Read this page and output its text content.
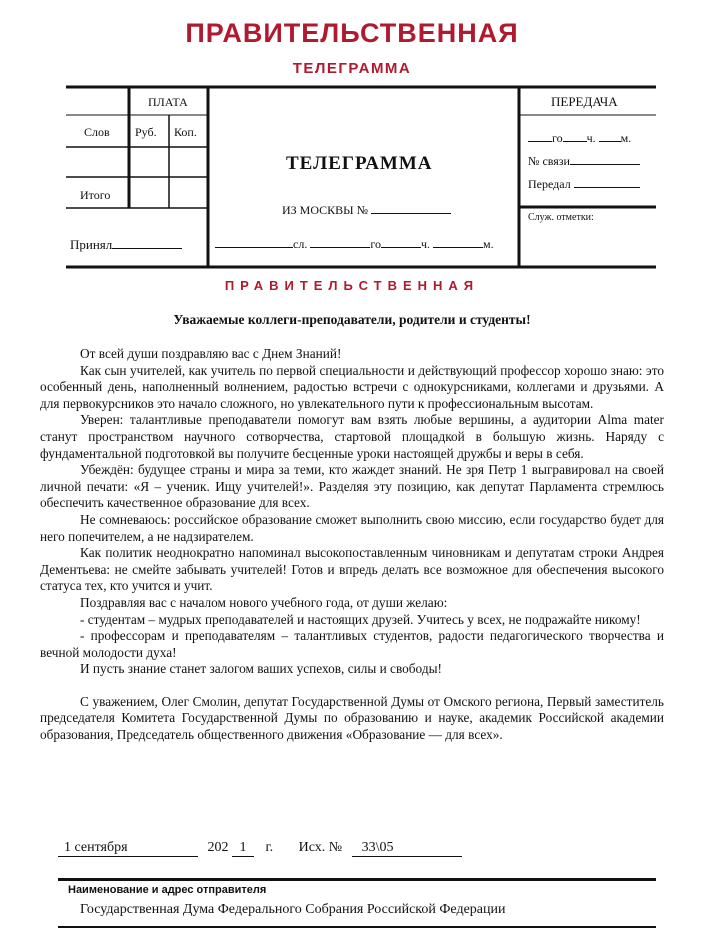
ПРАВИТЕЛЬСТВЕННАЯ
ТЕЛЕГРАММА
ПЛАТА
Слов Руб. Коп.
Итого
Принял
ТЕЛЕГРАММА
ИЗ МОСКВЫ №
сл.	го	ч.	м.
ПЕРЕДАЧА
го ч. м.
№ связи
Передал
Служ. отметки:
ПРАВИТЕЛЬСТВЕННАЯ
Уважаемые коллеги-преподаватели, родители и студенты!

От всей души поздравляю вас с Днем Знаний!

Как сын учителей, как учитель по первой специальности и действующий профессор хорошо знаю: это особенный день, наполненный волнением, радостью встречи с однокурсниками, коллегами и друзьями. А для первокурсников это начало сложного, но увлекательного пути к профессиональным высотам.

Уверен: талантливые преподаватели помогут вам взять любые вершины, а аудитории Alma mater станут пространством научного сотворчества, стартовой площадкой в большую жизнь. Наряду с фундаментальной подготовкой вы получите бесценные уроки настоящей дружбы и веры в себя.

Убеждён: будущее страны и мира за теми, кто жаждет знаний. Не зря Петр 1 выгравировал на своей личной печати: «Я – ученик. Ищу учителей!». Разделяя эту позицию, как депутат Парламента стремлюсь обеспечить качественное образование для всех.

Не сомневаюсь: российское образование сможет выполнить свою миссию, если государство будет для него попечителем, а не надзирателем.

Как политик неоднократно напоминал высокопоставленным чиновникам и депутатам строки Андрея Дементьева: не смейте забывать учителей! Готов и впредь делать все возможное для обеспечения высокого статуса тех, кто учится и учит.

Поздравляя вас с началом нового учебного года, от души желаю:

- студентам – мудрых преподавателей и настоящих друзей. Учитесь у всех, не подражайте никому!

- профессорам и преподавателям – талантливых студентов, радости педагогического творчества и вечной молодости духа!

И пусть знание станет залогом ваших успехов, силы и свободы!

С уважением, Олег Смолин, депутат Государственной Думы от Омского региона, Первый заместитель председателя Комитета Государственной Думы по образованию и науке, академик Российской академии образования, Председатель общественного движения «Образование — для всех».

1 сентября	202 1 г. Исх. № 33\05
Наименование и адрес отправителя
Государственная Дума Федерального Собрания Российской Федерации
